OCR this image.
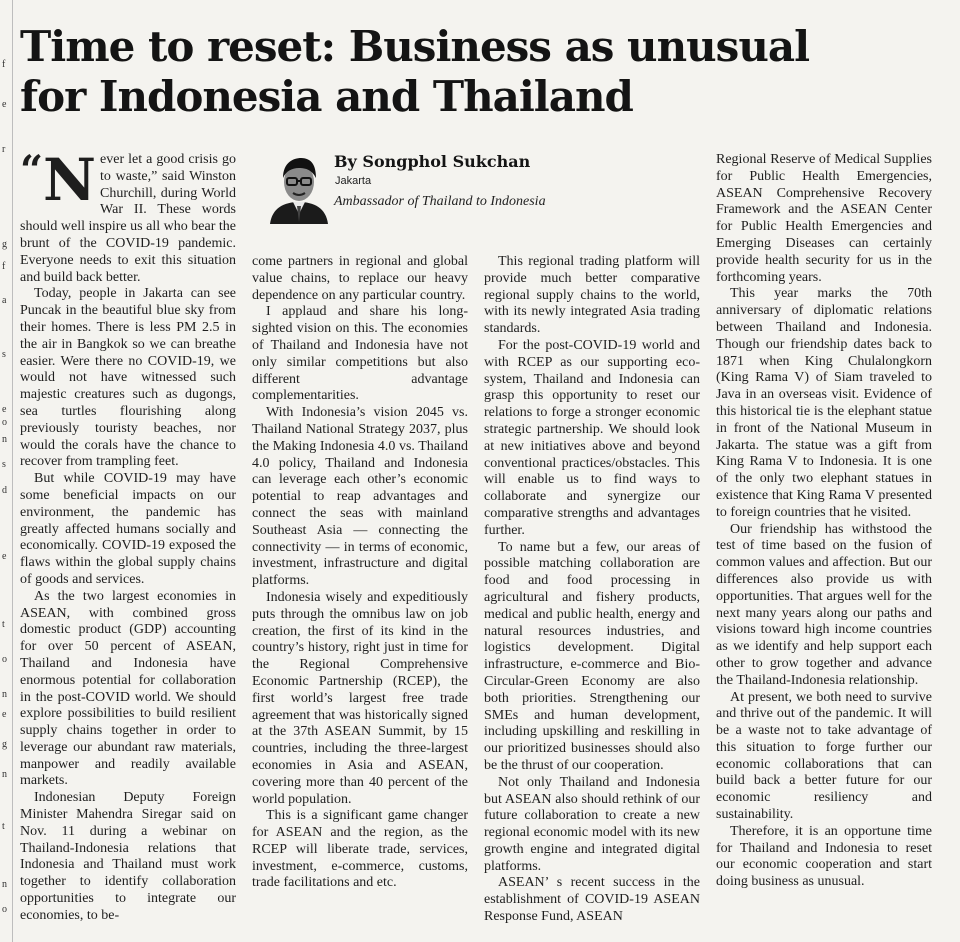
f
e
r
g
f
a
s
e
o
n
s
d
e
t
o
n
e
g
n
t
n
o
Time to reset: Business as unusual
for Indonesia and Thailand
By Songphol Sukchan
Jakarta
Ambassador of Thailand to Indonesia

“N ever let a good crisis go to waste,” said Winston Churchill, during World War II. These words should well inspire us all who bear the brunt of the COVID-19 pandemic. Everyone needs to exit this situation and build back better.

Today, people in Jakarta can see Puncak in the beautiful blue sky from their homes. There is less PM 2.5 in the air in Bangkok so we can breathe easier. Were there no COVID-19, we would not have witnessed such majestic creatures such as dugongs, sea turtles flourishing along previously touristy beaches, nor would the corals have the chance to recover from trampling feet.

But while COVID-19 may have some beneficial impacts on our environment, the pandemic has greatly affected humans socially and economically. COVID-19 exposed the flaws within the global supply chains of goods and services.

As the two largest economies in ASEAN, with combined gross domestic product (GDP) accounting for over 50 percent of ASEAN, Thailand and Indonesia have enormous potential for collaboration in the post-COVID world. We should explore possibilities to build resilient supply chains together in order to leverage our abundant raw materials, manpower and readily available markets.

Indonesian Deputy Foreign Minister Mahendra Siregar said on Nov. 11 during a webinar on Thailand-Indonesia relations that Indonesia and Thailand must work together to identify collaboration opportunities to integrate our economies, to be-

come partners in regional and global value chains, to replace our heavy dependence on any particular country.

I applaud and share his long-sighted vision on this. The economies of Thailand and Indonesia have not only similar competitions but also different advantage complementarities.

With Indonesia’s vision 2045 vs. Thailand National Strategy 2037, plus the Making Indonesia 4.0 vs. Thailand 4.0 policy, Thailand and Indonesia can leverage each other’s economic potential to reap advantages and connect the seas with mainland Southeast Asia — connecting the connectivity — in terms of economic, investment, infrastructure and digital platforms.

Indonesia wisely and expeditiously puts through the omnibus law on job creation, the first of its kind in the country’s history, right just in time for the Regional Comprehensive Economic Partnership (RCEP), the first world’s largest free trade agreement that was historically signed at the 37th ASEAN Summit, by 15 countries, including the three-largest economies in Asia and ASEAN, covering more than 40 percent of the world population.

This is a significant game changer for ASEAN and the region, as the RCEP will liberate trade, services, investment, e-commerce, customs, trade facilitations and etc.

This regional trading platform will provide much better comparative regional supply chains to the world, with its newly integrated Asia trading standards.

For the post-COVID-19 world and with RCEP as our supporting eco-system, Thailand and Indonesia can grasp this opportunity to reset our relations to forge a stronger economic strategic partnership. We should look at new initiatives above and beyond conventional practices/obstacles. This will enable us to find ways to collaborate and synergize our comparative strengths and advantages further.

To name but a few, our areas of possible matching collaboration are food and food processing in agricultural and fishery products, medical and public health, energy and natural resources industries, and logistics development. Digital infrastructure, e-commerce and Bio-Circular-Green Economy are also both priorities. Strengthening our SMEs and human development, including upskilling and reskilling in our prioritized businesses should also be the thrust of our cooperation.

Not only Thailand and Indonesia but ASEAN also should rethink of our future collaboration to create a new regional economic model with its new growth engine and integrated digital platforms.

ASEAN’ s recent success in the establishment of COVID-19 ASEAN Response Fund, ASEAN

Regional Reserve of Medical Supplies for Public Health Emergencies, ASEAN Comprehensive Recovery Framework and the ASEAN Center for Public Health Emergencies and Emerging Diseases can certainly provide health security for us in the forthcoming years.

This year marks the 70th anniversary of diplomatic relations between Thailand and Indonesia. Though our friendship dates back to 1871 when King Chulalongkorn (King Rama V) of Siam traveled to Java in an overseas visit. Evidence of this historical tie is the elephant statue in front of the National Museum in Jakarta. The statue was a gift from King Rama V to Indonesia. It is one of the only two elephant statues in existence that King Rama V presented to foreign countries that he visited.

Our friendship has withstood the test of time based on the fusion of common values and affection. But our differences also provide us with opportunities. That argues well for the next many years along our paths and visions toward high income countries as we identify and help support each other to grow together and advance the Thailand-Indonesia relationship.

At present, we both need to survive and thrive out of the pandemic. It will be a waste not to take advantage of this situation to forge further our economic collaborations that can build back a better future for our economic resiliency and sustainability.

Therefore, it is an opportune time for Thailand and Indonesia to reset our economic cooperation and start doing business as unusual.
